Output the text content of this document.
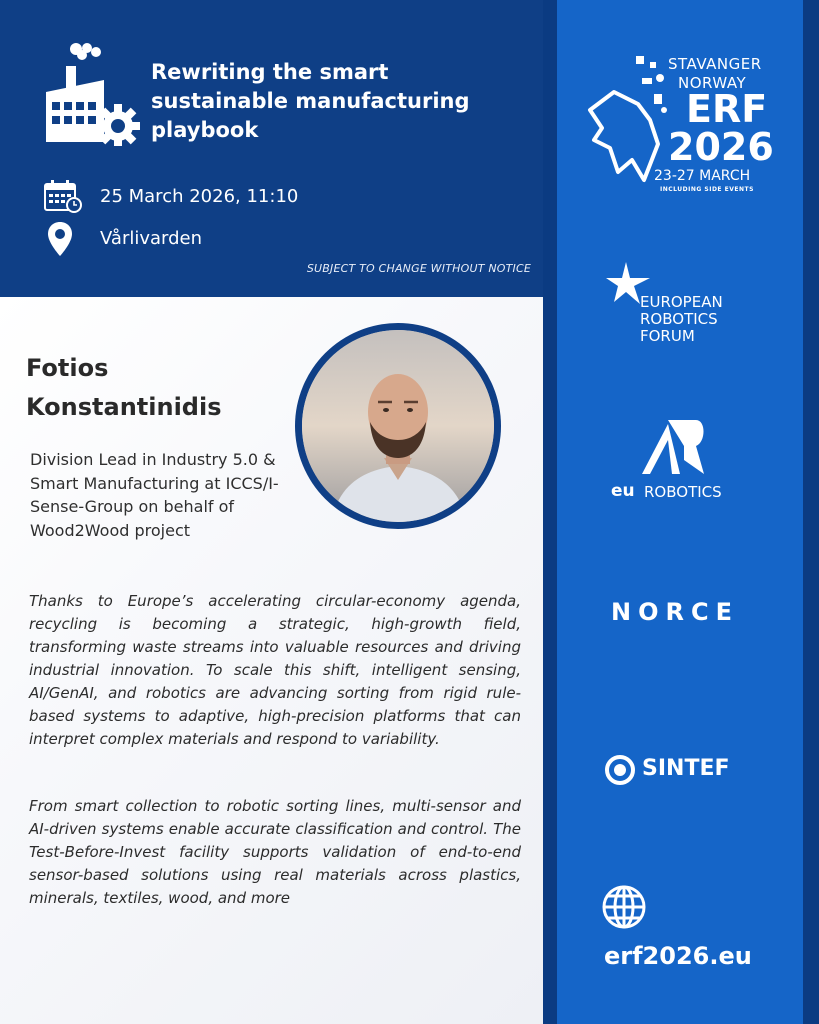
Rewriting the smart sustainable manufacturing playbook
25 March 2026, 11:10
Vårlivarden
SUBJECT TO CHANGE WITHOUT NOTICE
Fotios
Konstantinidis
Division Lead in Industry 5.0 & Smart Manufacturing at ICCS/I-Sense-Group on behalf of Wood2Wood project
Thanks to Europe’s accelerating circular-economy agenda, recycling is becoming a strategic, high-growth field, transforming waste streams into valuable resources and driving industrial innovation. To scale this shift, intelligent sensing, AI/GenAI, and robotics are advancing sorting from rigid rule-based systems to adaptive, high-precision platforms that can interpret complex materials and respond to variability.
From smart collection to robotic sorting lines, multi-sensor and AI-driven systems enable accurate classification and control. The Test-Before-Invest facility supports validation of end-to-end sensor-based solutions using real materials across plastics, minerals, textiles, wood, and more
STAVANGER
NORWAY
ERF
2026
23-27 MARCH
INCLUDING SIDE EVENTS
EUROPEAN
ROBOTICS
FORUM
eu ROBOTICS
NORCE
SINTEF
erf2026.eu
